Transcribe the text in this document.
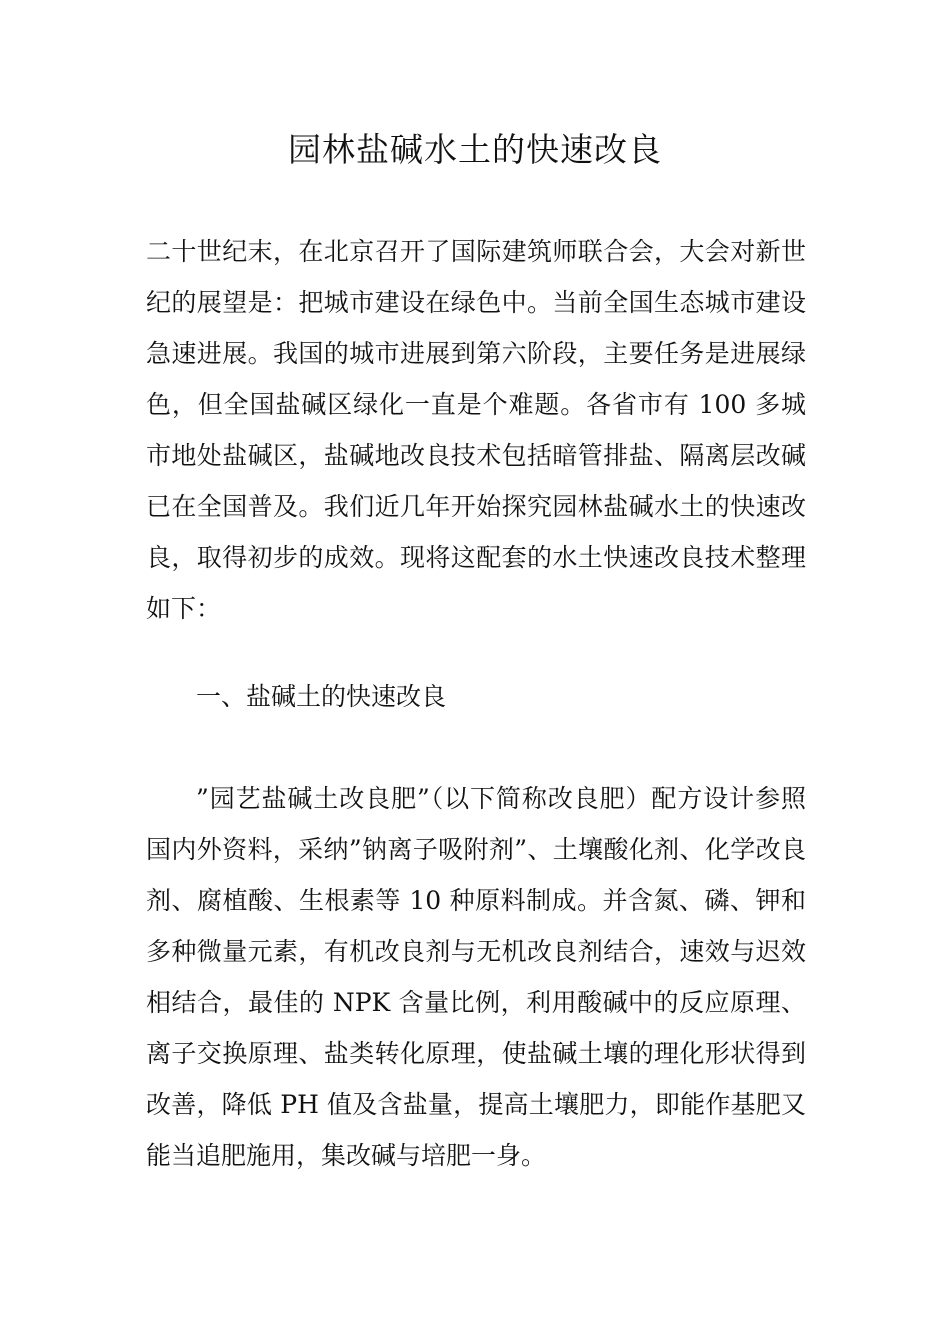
园林盐碱水土的快速改良

二十世纪末，在北京召开了国际建筑师联合会，大会对新世纪的展望是：把城市建设在绿色中。当前全国生态城市建设急速进展。我国的城市进展到第六阶段，主要任务是进展绿色，但全国盐碱区绿化一直是个难题。各省市有 100 多城市地处盐碱区，盐碱地改良技术包括暗管排盐、隔离层改碱已在全国普及。我们近几年开始探究园林盐碱水土的快速改良，取得初步的成效。现将这配套的水土快速改良技术整理如下：

一、盐碱土的快速改良

”园艺盐碱土改良肥”（以下简称改良肥）配方设计参照国内外资料，采纳”钠离子吸附剂”、土壤酸化剂、化学改良剂、腐植酸、生根素等 10 种原料制成。并含氮、磷、钾和多种微量元素，有机改良剂与无机改良剂结合，速效与迟效相结合，最佳的 NPK 含量比例，利用酸碱中的反应原理、离子交换原理、盐类转化原理，使盐碱土壤的理化形状得到改善，降低 PH 值及含盐量，提高土壤肥力，即能作基肥又能当追肥施用，集改碱与培肥一身。
